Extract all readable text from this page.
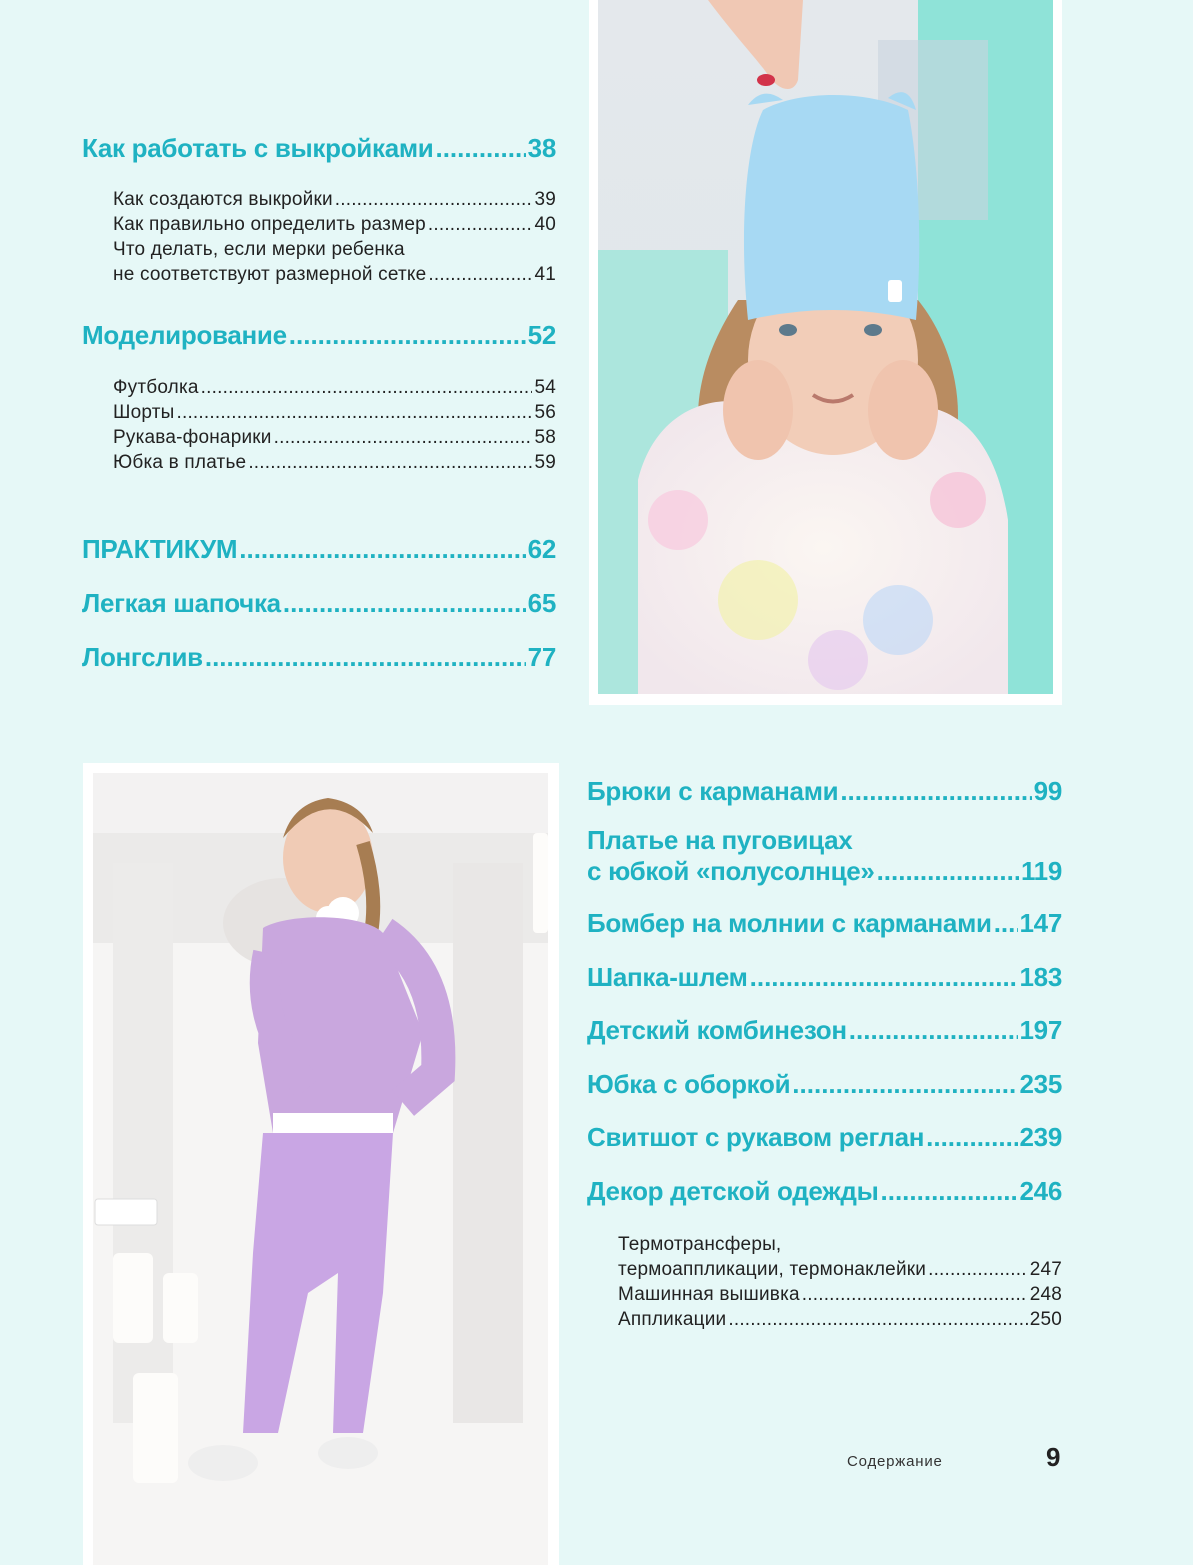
Как работать с выкройками .....	38
Как создаются выкройки .....	39
Как правильно определить размер .....	40
Что делать, если мерки ребенка
не соответствуют размерной сетке .....	41
Моделирование .....	52
Футболка .....	54
Шорты .....	56
Рукава-фонарики .....	58
Юбка в платье .....	59
ПРАКТИКУМ .....	62
Легкая шапочка .....	65
Лонгслив .....	77
Брюки с карманами .....	99
Платье на пуговицах
с юбкой «полусолнце» .....	119
Бомбер на молнии с карманами ..... 147
Шапка-шлем .....	183
Детский комбинезон .....	197
Юбка с оборкой .....	235
Свитшот с рукавом реглан .....	239
Декор детской одежды .....	246
Термотрансферы,
термоаппликации, термонаклейки .....	247
Машинная вышивка .....	248
Аппликации .....	250
Содержание	9
